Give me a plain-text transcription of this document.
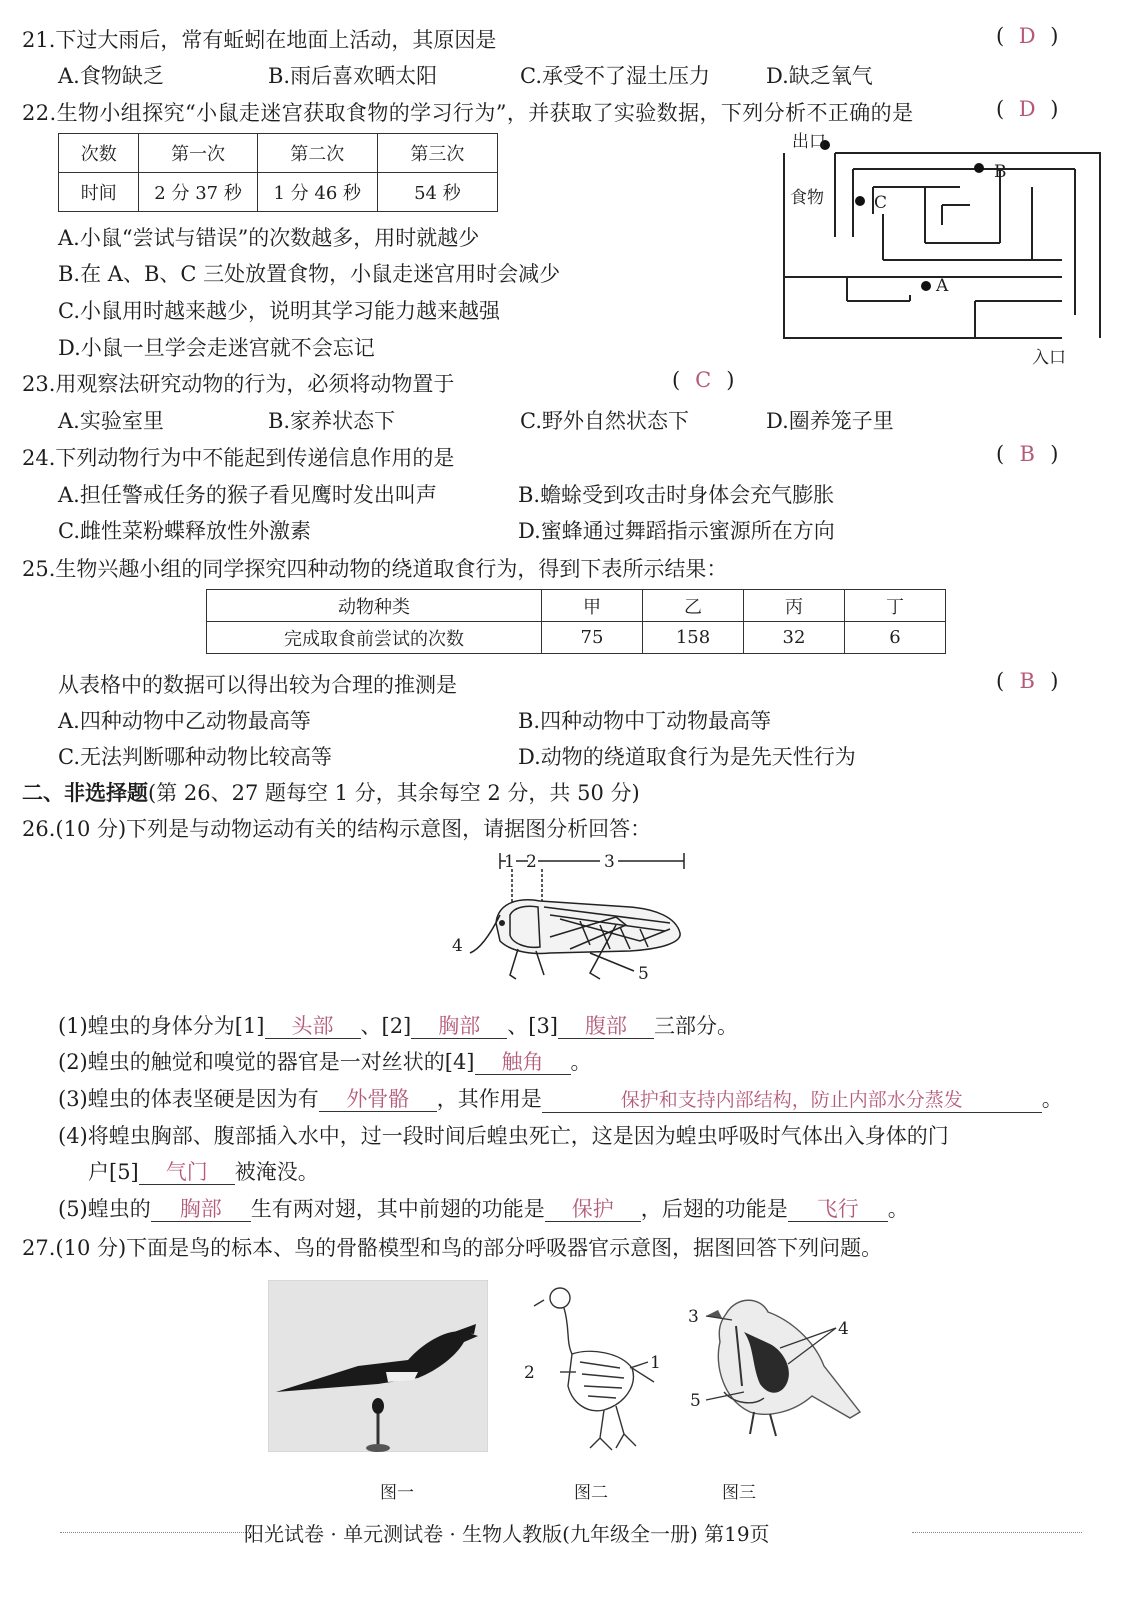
21.下过大雨后，常有蚯蚓在地面上活动，其原因是	( D )
A.食物缺乏	B.雨后喜欢晒太阳	C.承受不了湿土压力	D.缺乏氧气
22.生物小组探究“小鼠走迷宫获取食物的学习行为”，并获取了实验数据，下列分析不正确的是	( D )
次数	第一次	第二次	第三次
时间	2 分 37 秒	1 分 46 秒	54 秒
A.小鼠“尝试与错误”的次数越多，用时就越少
B.在 A、B、C 三处放置食物，小鼠走迷宫用时会减少
C.小鼠用时越来越少，说明其学习能力越来越强
D.小鼠一旦学会走迷宫就不会忘记
出口
食物	C
B
A
入口
23.用观察法研究动物的行为，必须将动物置于	( C )
A.实验室里	B.家养状态下	C.野外自然状态下	D.圈养笼子里
24.下列动物行为中不能起到传递信息作用的是	( B )
A.担任警戒任务的猴子看见鹰时发出叫声	B.蟾蜍受到攻击时身体会充气膨胀
C.雌性菜粉蝶释放性外激素	D.蜜蜂通过舞蹈指示蜜源所在方向
25.生物兴趣小组的同学探究四种动物的绕道取食行为，得到下表所示结果：
动物种类	甲	乙	丙	丁
完成取食前尝试的次数	75	158	32	6
从表格中的数据可以得出较为合理的推测是	( B )
A.四种动物中乙动物最高等	B.四种动物中丁动物最高等
C.无法判断哪种动物比较高等	D.动物的绕道取食行为是先天性行为
二、非选择题(第 26、27 题每空 1 分，其余每空 2 分，共 50 分)
26.(10 分)下列是与动物运动有关的结构示意图，请据图分析回答：
1 2	3
4
5
(1)蝗虫的身体分为[1] 头部 、[2] 胸部 、[3] 腹部 三部分。
(2)蝗虫的触觉和嗅觉的器官是一对丝状的[4] 触角 。
(3)蝗虫的体表坚硬是因为有 外骨骼 ，其作用是	保护和支持内部结构，防止内部水分蒸发	。
(4)将蝗虫胸部、腹部插入水中，过一段时间后蝗虫死亡，这是因为蝗虫呼吸时气体出入身体的门
户[5] 气门 被淹没。
(5)蝗虫的 胸部 生有两对翅，其中前翅的功能是 保护 ，后翅的功能是 飞行 。
27.(10 分)下面是鸟的标本、鸟的骨骼模型和鸟的部分呼吸器官示意图，据图回答下列问题。
1
2
3
4
5
图一	图二	图三
阳光试卷 · 单元测试卷 · 生物人教版(九年级全一册) 第19页
